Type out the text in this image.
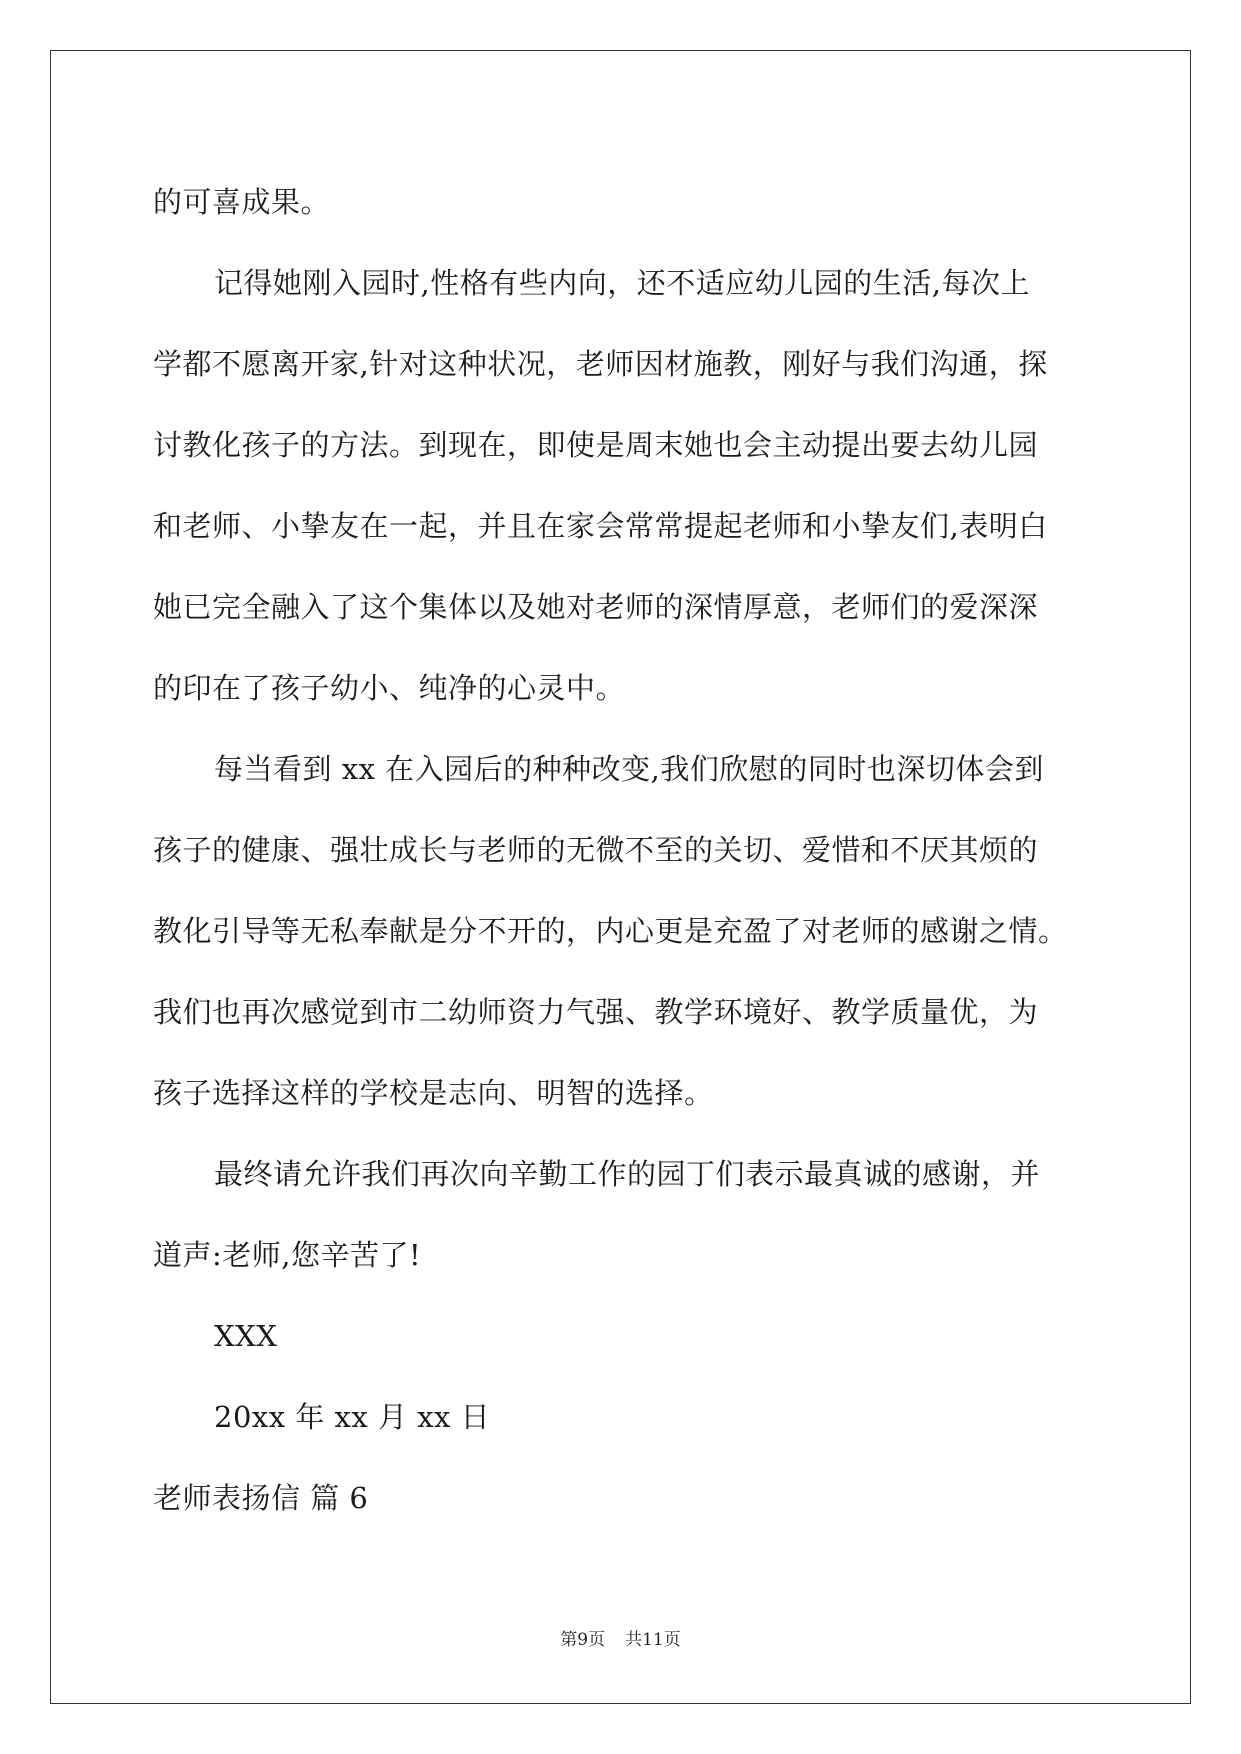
的可喜成果。
记得她刚入园时,性格有些内向，还不适应幼儿园的生活,每次上
学都不愿离开家,针对这种状况，老师因材施教，刚好与我们沟通，探
讨教化孩子的方法。到现在，即使是周末她也会主动提出要去幼儿园
和老师、小挚友在一起，并且在家会常常提起老师和小挚友们,表明白
她已完全融入了这个集体以及她对老师的深情厚意，老师们的爱深深
的印在了孩子幼小、纯净的心灵中。
每当看到 xx 在入园后的种种改变,我们欣慰的同时也深切体会到
孩子的健康、强壮成长与老师的无微不至的关切、爱惜和不厌其烦的
教化引导等无私奉献是分不开的，内心更是充盈了对老师的感谢之情。
我们也再次感觉到市二幼师资力气强、教学环境好、教学质量优，为
孩子选择这样的学校是志向、明智的选择。
最终请允许我们再次向辛勤工作的园丁们表示最真诚的感谢，并
道声:老师,您辛苦了!
XXX
20xx 年 xx 月 xx 日
老师表扬信 篇 6
第9页 共11页
